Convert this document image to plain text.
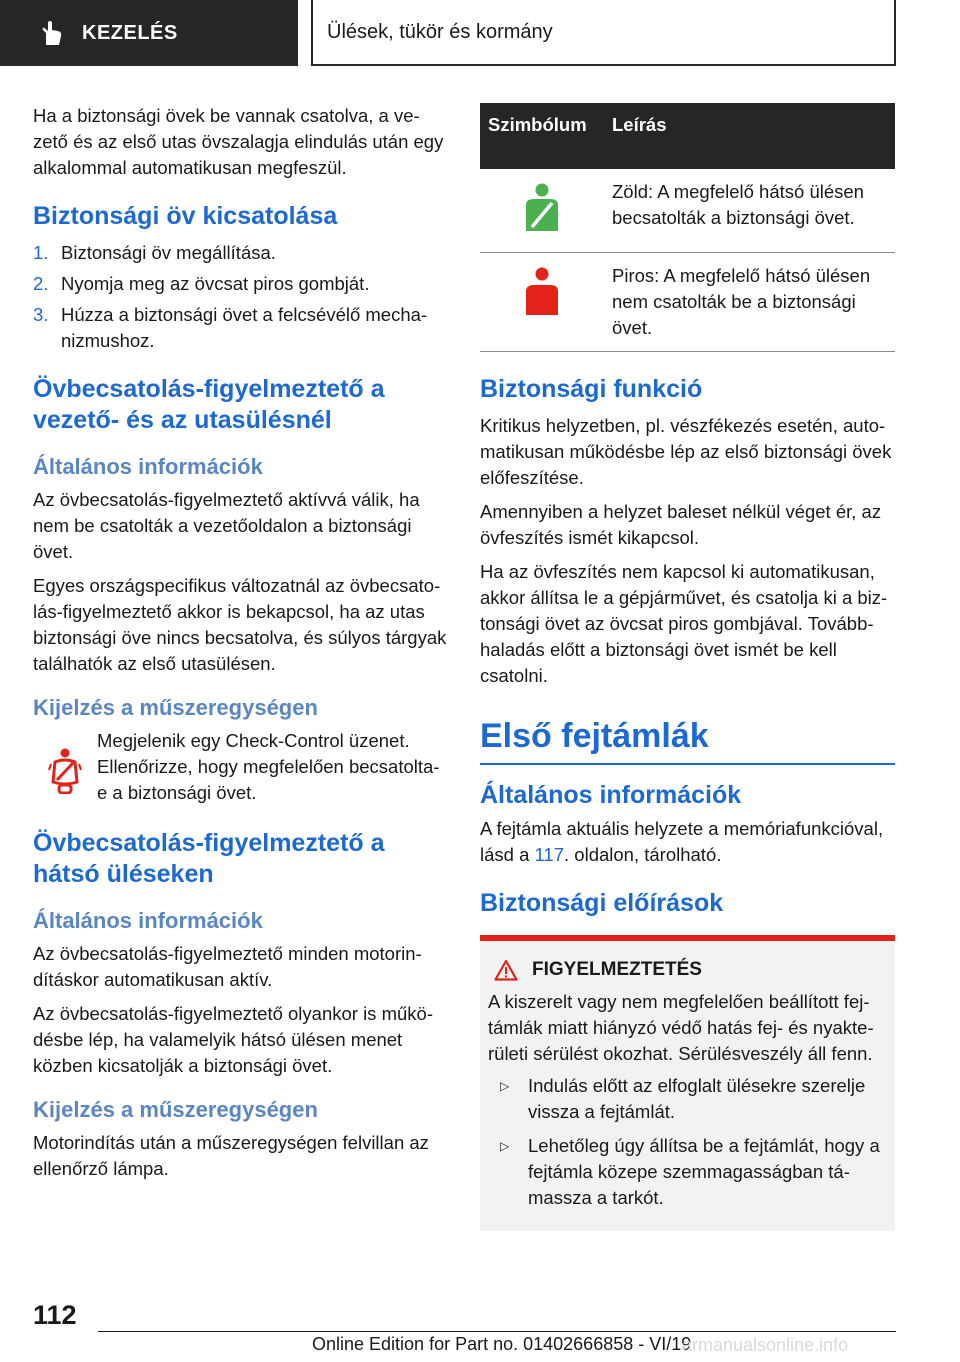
KEZELÉS	Ülések, tükör és kormány

Ha a biztonsági övek be vannak csatolva, a vezető és az első utas övszalagja elindulás után egy alkalommal automatikusan megfeszül.

Biztonsági öv kicsatolása
1. Biztonsági öv megállítása.
2. Nyomja meg az övcsat piros gombját.
3. Húzza a biztonsági övet a felcsévélő mechanizmushoz.
Övbecsatolás-figyelmeztető a vezető- és az utasülésnél
Általános információk

Az övbecsatolás-figyelmeztető aktívvá válik, ha nem be csatolták a vezetőoldalon a biztonsági övet.

Egyes országspecifikus változatnál az övbecsatolás-figyelmeztető akkor is bekapcsol, ha az utas biztonsági öve nincs becsatolva, és súlyos tárgyak találhatók az első utasülésen.

Kijelzés a műszeregységen

Megjelenik egy Check-Control üzenet. Ellenőrizze, hogy megfelelően becsatolta-e a biztonsági övet.

Övbecsatolás-figyelmeztető a hátsó üléseken
Általános információk

Az övbecsatolás-figyelmeztető minden motorindításkor automatikusan aktív.

Az övbecsatolás-figyelmeztető olyankor is működésbe lép, ha valamelyik hátsó ülésen menet közben kicsatolják a biztonsági övet.

Kijelzés a műszeregységen

Motorindítás után a műszeregységen felvillan az ellenőrző lámpa.

Szimbólum	Leírás
	Zöld: A megfelelő hátsó ülésen becsatolták a biztonsági övet.
	Piros: A megfelelő hátsó ülésen nem csatolták be a biztonsági övet.
Biztonsági funkció

Kritikus helyzetben, pl. vészfékezés esetén, automatikusan működésbe lép az első biztonsági övek előfeszítése.

Amennyiben a helyzet baleset nélkül véget ér, az övfeszítés ismét kikapcsol.

Ha az övfeszítés nem kapcsol ki automatikusan, akkor állítsa le a gépjárművet, és csatolja ki a biztonsági övet az övcsat piros gombjával. Továbbhaladás előtt a biztonsági övet ismét be kell csatolni.

Első fejtámlák
Általános információk

A fejtámla aktuális helyzete a memóriafunkcióval, lásd a 117. oldalon, tárolható.

Biztonsági előírások
FIGYELMEZTETÉS

A kiszerelt vagy nem megfelelően beállított fejtámlák miatt hiányzó védő hatás fej- és nyakterületi sérülést okozhat. Sérülésveszély áll fenn.

▷	Indulás előtt az elfoglalt ülésekre szerelje vissza a fejtámlát.
▷	Lehetőleg úgy állítsa be a fejtámlát, hogy a fejtámla közepe szemmagasságban támassza a tarkót.
112
Online Edition for Part no. 01402666858 - VI/19
armanualsonline.info
